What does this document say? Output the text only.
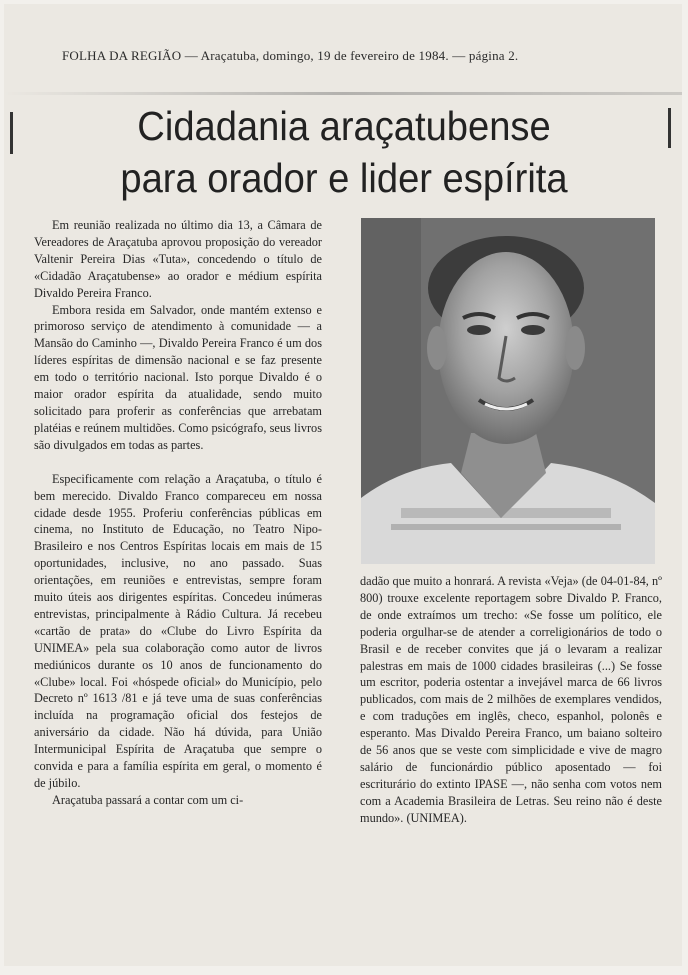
FOLHA DA REGIÃO — Araçatuba, domingo, 19 de fevereiro de 1984. — página 2.
Cidadania araçatubense
para orador e lider espírita

Em reunião realizada no último dia 13, a Câmara de Vereadores de Araçatuba aprovou proposição do vereador Valtenir Pereira Dias «Tuta», concedendo o título de «Cidadão Araçatubense» ao orador e médium espírita Divaldo Pereira Franco.

Embora resida em Salvador, onde mantém extenso e primoroso serviço de atendimento à comunidade — a Mansão do Caminho —, Divaldo Pereira Franco é um dos líderes espíritas de dimensão nacional e se faz presente em todo o território nacional. Isto porque Divaldo é o maior orador espírita da atualidade, sendo muito solicitado para proferir as conferências que arrebatam platéias e reúnem multidões. Como psicógrafo, seus livros são divulgados em todas as partes.

Especificamente com relação a Araçatuba, o título é bem merecido. Divaldo Franco compareceu em nossa cidade desde 1955. Proferiu conferências públicas em cinema, no Instituto de Educação, no Teatro Nipo-Brasileiro e nos Centros Espíritas locais em mais de 15 oportunidades, inclusive, no ano passado. Suas orientações, em reuniões e entrevistas, sempre foram muito úteis aos dirigentes espíritas. Concedeu inúmeras entrevistas, principalmente à Rádio Cultura. Já recebeu «cartão de prata» do «Clube do Livro Espírita da UNIMEA» pela sua colaboração como autor de livros mediúnicos durante os 10 anos de funcionamento do «Clube» local. Foi «hóspede oficial» do Município, pelo Decreto nº 1613 /81 e já teve uma de suas conferências incluída na programação oficial dos festejos de aniversário da cidade. Não há dúvida, para União Intermunicipal Espírita de Araçatuba que sempre o convida e para a família espírita em geral, o momento é de júbilo.

Araçatuba passará a contar com um ci-

dadão que muito a honrará. A revista «Veja» (de 04-01-84, nº 800) trouxe excelente reportagem sobre Divaldo P. Franco, de onde extraímos um trecho: «Se fosse um político, ele poderia orgulhar-se de atender a correligionários de todo o Brasil e de receber convites que já o levaram a realizar palestras em mais de 1000 cidades brasileiras (...) Se fosse um escritor, poderia ostentar a invejável marca de 66 livros publicados, com mais de 2 milhões de exemplares vendidos, e com traduções em inglês, checo, espanhol, polonês e esperanto. Mas Divaldo Pereira Franco, um baiano solteiro de 56 anos que se veste com simplicidade e vive de magro salário de funcionárdio público aposentado — foi escriturário do extinto IPASE —, não senha com votos nem com a Academia Brasileira de Letras. Seu reino não é deste mundo». (UNIMEA).
